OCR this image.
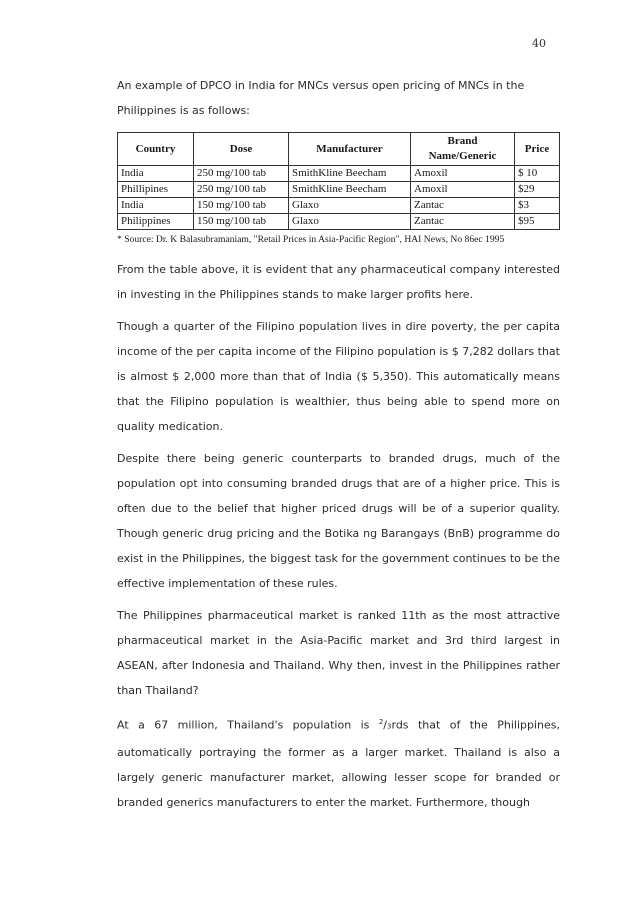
40

An example of DPCO in India for MNCs versus open pricing of MNCs in the Philippines is as follows:

Country	Dose	Manufacturer	Brand Name/Generic	Price
India	250 mg/100 tab	SmithKline Beecham	Amoxil	$ 10
Phillipines	250 mg/100 tab	SmithKline Beecham	Amoxil	$29
India	150 mg/100 tab	Glaxo	Zantac	$3
Philippines	150 mg/100 tab	Glaxo	Zantac	$95
* Source: Dr. K Balasubramaniam, "Retail Prices in Asia-Pacific Region", HAI News, No 86ec 1995

From the table above, it is evident that any pharmaceutical company interested in investing in the Philippines stands to make larger profits here.

Though a quarter of the Filipino population lives in dire poverty, the per capita income of the per capita income of the Filipino population is $ 7,282 dollars that is almost $ 2,000 more than that of India ($ 5,350). This automatically means that the Filipino population is wealthier, thus being able to spend more on quality medication.

Despite there being generic counterparts to branded drugs, much of the population opt into consuming branded drugs that are of a higher price. This is often due to the belief that higher priced drugs will be of a superior quality. Though generic drug pricing and the Botika ng Barangays (BnB) programme do exist in the Philippines, the biggest task for the government continues to be the effective implementation of these rules.

The Philippines pharmaceutical market is ranked 11th as the most attractive pharmaceutical market in the Asia-Pacific market and 3rd third largest in ASEAN, after Indonesia and Thailand. Why then, invest in the Philippines rather than Thailand?

At a 67 million, Thailand's population is $^2$/3rds that of the Philippines, automatically portraying the former as a larger market. Thailand is also a largely generic manufacturer market, allowing lesser scope for branded or branded generics manufacturers to enter the market. Furthermore, though
